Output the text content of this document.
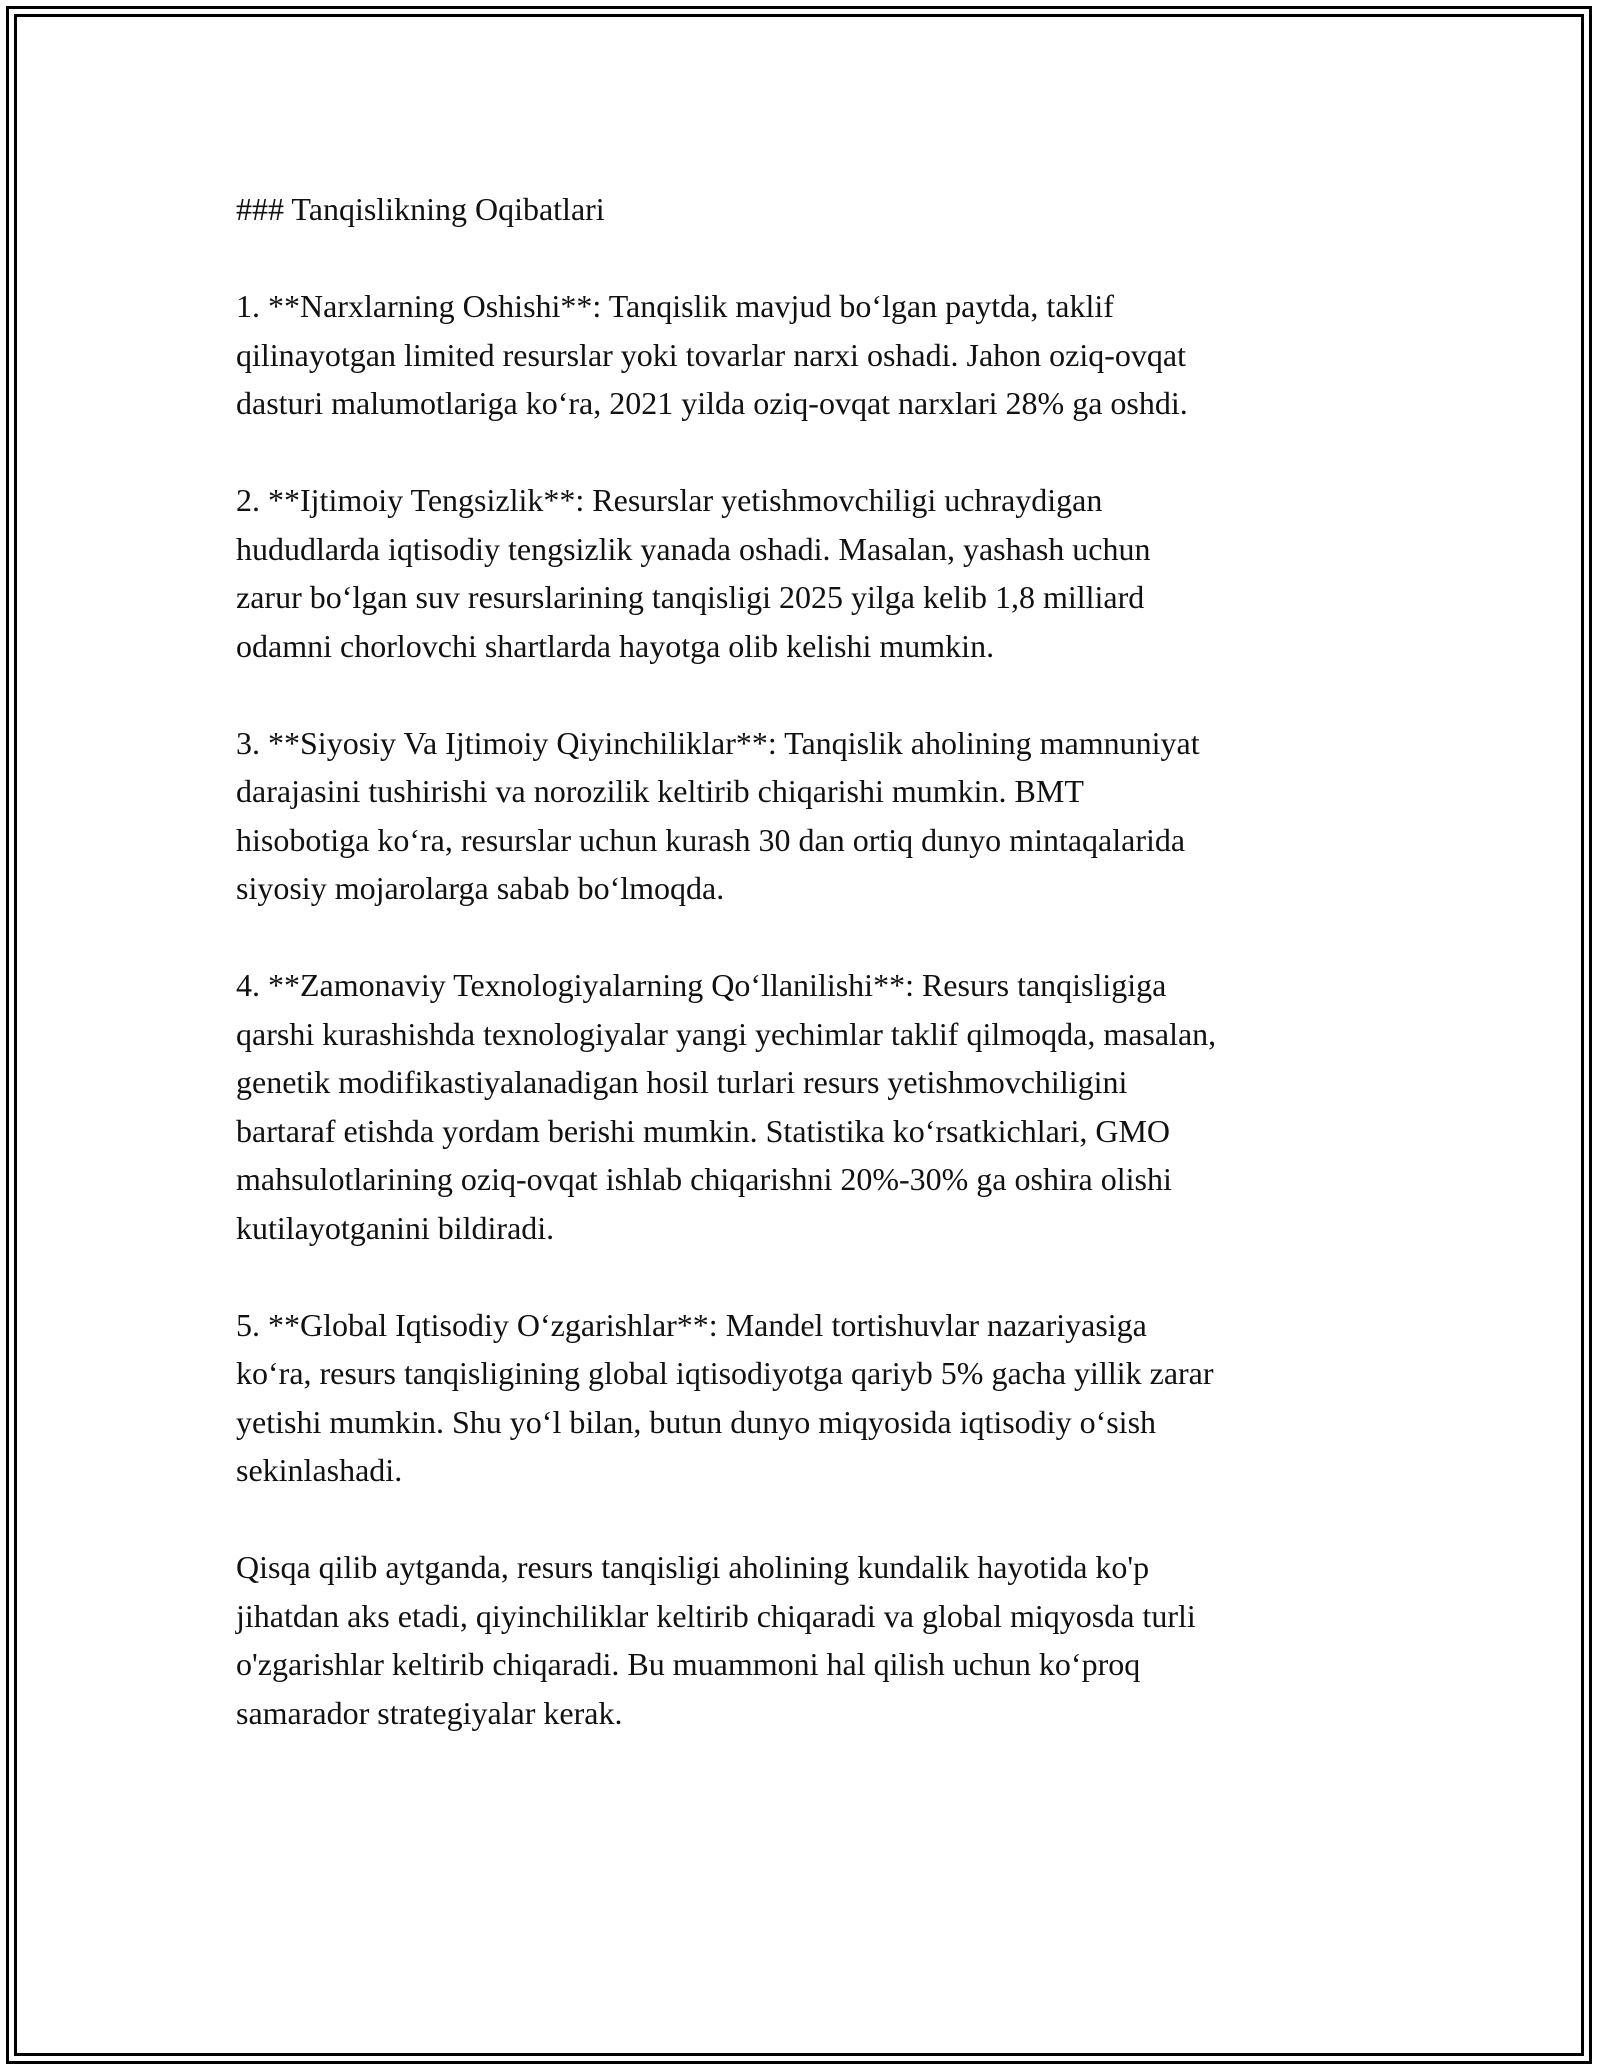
### Tanqislikning Oqibatlari
1. **Narxlarning Oshishi**: Tanqislik mavjud bo‘lgan paytda, taklif
qilinayotgan limited resurslar yoki tovarlar narxi oshadi. Jahon oziq-ovqat
dasturi malumotlariga ko‘ra, 2021 yilda oziq-ovqat narxlari 28% ga oshdi.
2. **Ijtimoiy Tengsizlik**: Resurslar yetishmovchiligi uchraydigan
hududlarda iqtisodiy tengsizlik yanada oshadi. Masalan, yashash uchun
zarur bo‘lgan suv resurslarining tanqisligi 2025 yilga kelib 1,8 milliard
odamni chorlovchi shartlarda hayotga olib kelishi mumkin.
3. **Siyosiy Va Ijtimoiy Qiyinchiliklar**: Tanqislik aholining mamnuniyat
darajasini tushirishi va norozilik keltirib chiqarishi mumkin. BMT
hisobotiga ko‘ra, resurslar uchun kurash 30 dan ortiq dunyo mintaqalarida
siyosiy mojarolarga sabab bo‘lmoqda.
4. **Zamonaviy Texnologiyalarning Qo‘llanilishi**: Resurs tanqisligiga
qarshi kurashishda texnologiyalar yangi yechimlar taklif qilmoqda, masalan,
genetik modifikastiyalanadigan hosil turlari resurs yetishmovchiligini
bartaraf etishda yordam berishi mumkin. Statistika ko‘rsatkichlari, GMO
mahsulotlarining oziq-ovqat ishlab chiqarishni 20%-30% ga oshira olishi
kutilayotganini bildiradi.
5. **Global Iqtisodiy O‘zgarishlar**: Mandel tortishuvlar nazariyasiga
ko‘ra, resurs tanqisligining global iqtisodiyotga qariyb 5% gacha yillik zarar
yetishi mumkin. Shu yo‘l bilan, butun dunyo miqyosida iqtisodiy o‘sish
sekinlashadi.
Qisqa qilib aytganda, resurs tanqisligi aholining kundalik hayotida ko'p
jihatdan aks etadi, qiyinchiliklar keltirib chiqaradi va global miqyosda turli
o'zgarishlar keltirib chiqaradi. Bu muammoni hal qilish uchun ko‘proq
samarador strategiyalar kerak.
